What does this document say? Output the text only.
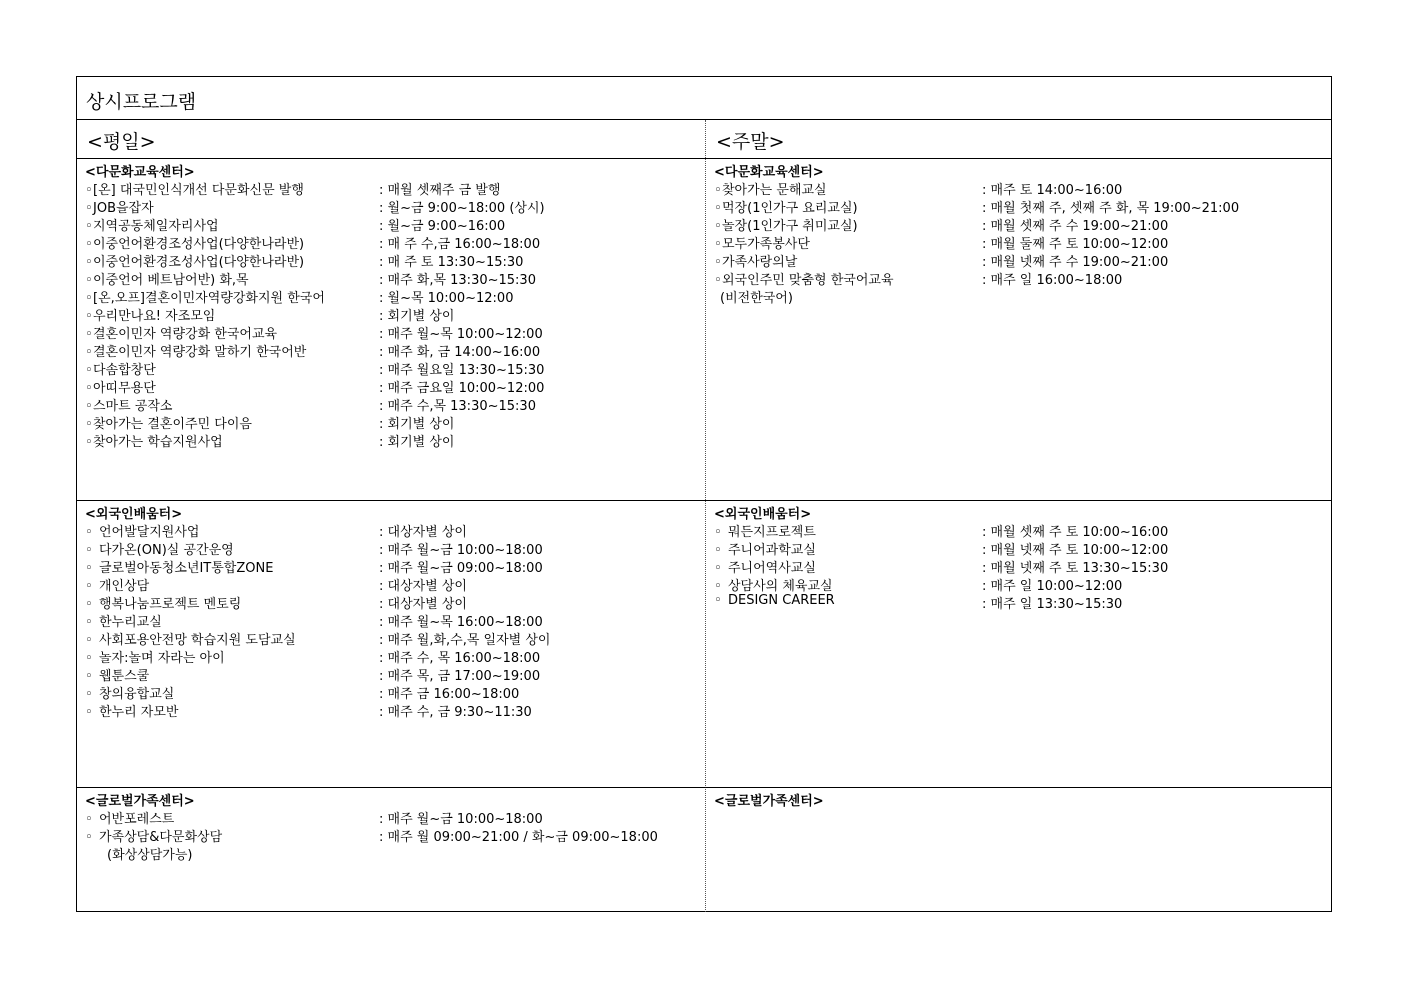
상시프로그램
<평일>	<주말>
<다문화교육센터>
◦[온] 대국민인식개선 다문화신문 발행	: 매월 셋째주 금 발행
◦JOB을잡자	: 월~금 9:00~18:00 (상시)
◦지역공동체일자리사업	: 월~금 9:00~16:00
◦이중언어환경조성사업(다양한나라반)	: 매 주 수,금 16:00~18:00
◦이중언어환경조성사업(다양한나라반)	: 매 주 토 13:30~15:30
◦이중언어 베트남어반) 화,목	: 매주 화,목 13:30~15:30
◦[온,오프]결혼이민자역량강화지원 한국어	: 월~목 10:00~12:00
◦우리만나요! 자조모임	: 회기별 상이
◦결혼이민자 역량강화 한국어교육	: 매주 월~목 10:00~12:00
◦결혼이민자 역량강화 말하기 한국어반	: 매주 화, 금 14:00~16:00
◦다솜합창단	: 매주 월요일 13:30~15:30
◦아띠무용단	: 매주 금요일 10:00~12:00
◦스마트 공작소	: 매주 수,목 13:30~15:30
◦찾아가는 결혼이주민 다이음	: 회기별 상이
◦찾아가는 학습지원사업	: 회기별 상이
<다문화교육센터>
◦찾아가는 문해교실	: 매주 토 14:00~16:00
◦먹장(1인가구 요리교실)	: 매월 첫째 주, 셋째 주 화, 목 19:00~21:00
◦놀장(1인가구 취미교실)	: 매월 셋째 주 수 19:00~21:00
◦모두가족봉사단	: 매월 둘째 주 토 10:00~12:00
◦가족사랑의날	: 매월 넷째 주 수 19:00~21:00
◦외국인주민 맞춤형 한국어교육	: 매주 일 16:00~18:00
(비전한국어)
<외국인배움터>
◦ 언어발달지원사업	: 대상자별 상이
◦ 다가온(ON)실 공간운영	: 매주 월~금 10:00~18:00
◦ 글로벌아동청소년IT통합ZONE	: 매주 월~금 09:00~18:00
◦ 개인상담	: 대상자별 상이
◦ 행복나눔프로젝트 멘토링	: 대상자별 상이
◦ 한누리교실	: 매주 월~목 16:00~18:00
◦ 사회포용안전망 학습지원 도담교실	: 매주 월,화,수,목 일자별 상이
◦ 놀자:놀며 자라는 아이	: 매주 수, 목 16:00~18:00
◦ 웹툰스쿨	: 매주 목, 금 17:00~19:00
◦ 창의융합교실	: 매주 금 16:00~18:00
◦ 한누리 자모반	: 매주 수, 금 9:30~11:30
<외국인배움터>
◦ 뭐든지프로젝트	: 매월 셋째 주 토 10:00~16:00
◦ 주니어과학교실	: 매월 넷째 주 토 10:00~12:00
◦ 주니어역사교실	: 매월 넷째 주 토 13:30~15:30
◦ 상담사의 체육교실	: 매주 일 10:00~12:00
◦ DESIGN CAREER	: 매주 일 13:30~15:30
<글로벌가족센터>
◦ 어반포레스트	: 매주 월~금 10:00~18:00
◦ 가족상담&다문화상담	: 매주 월 09:00~21:00 / 화~금 09:00~18:00
(화상상담가능)
<글로벌가족센터>
